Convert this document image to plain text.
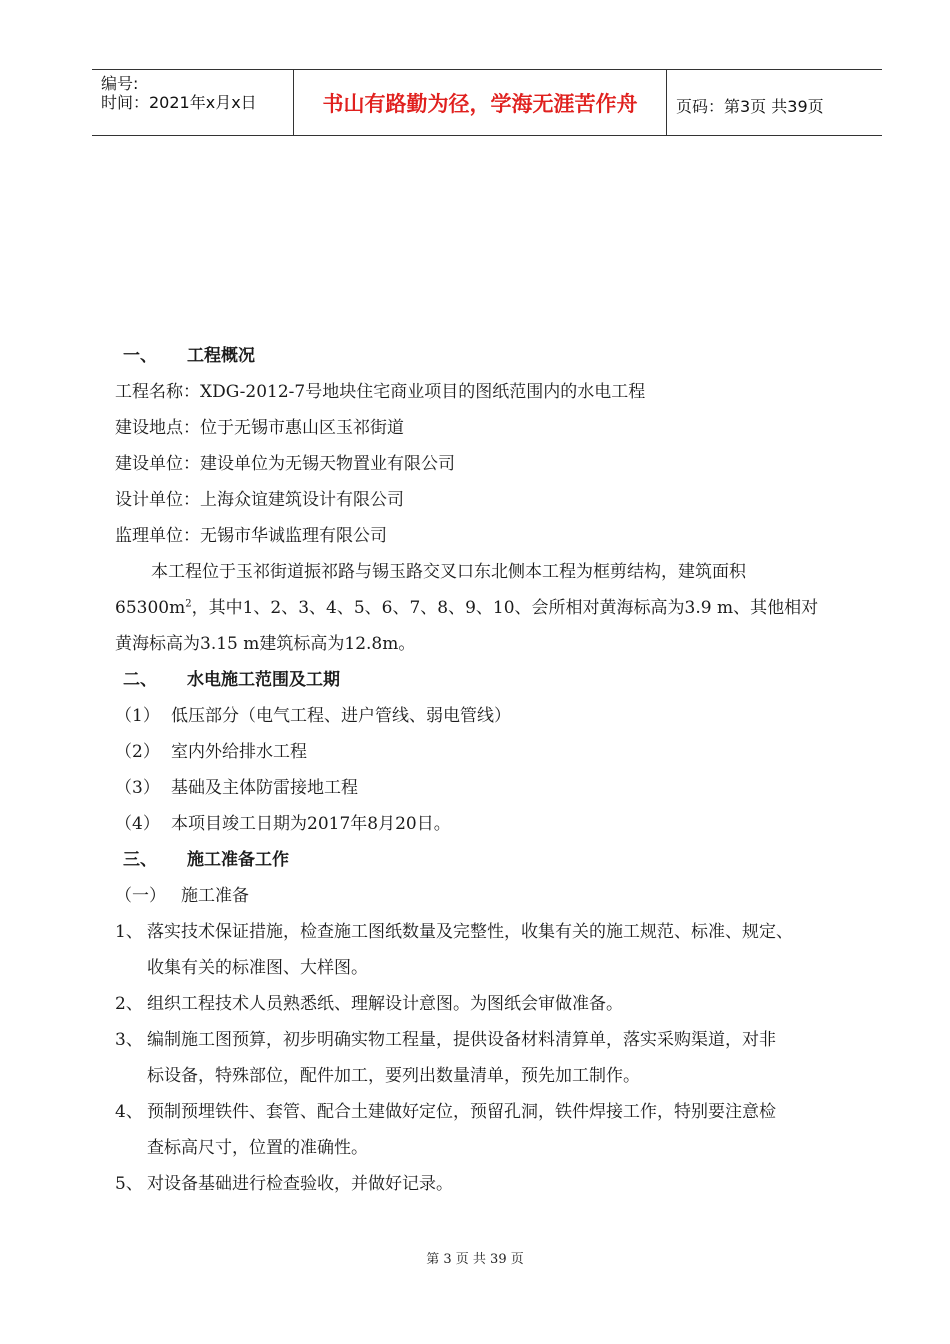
编号:
时间：2021年x月x日	书山有路勤为径，学海无涯苦作舟	页码：第3页 共39页
一、 工程概况
工程名称：XDG-2012-7号地块住宅商业项目的图纸范围内的水电工程
建设地点：位于无锡市惠山区玉祁街道
建设单位：建设单位为无锡天物置业有限公司
设计单位：上海众谊建筑设计有限公司
监理单位：无锡市华诚监理有限公司
本工程位于玉祁街道振祁路与锡玉路交叉口东北侧本工程为框剪结构，建筑面积
$65300m^2$，其中1、2、3、4、5、6、7、8、9、10、会所相对黄海标高为3.9 m、其他相对
黄海标高为3.15 m建筑标高为12.8m。
二、 水电施工范围及工期
（1） 低压部分（电气工程、进户管线、弱电管线）
（2） 室内外给排水工程
（3） 基础及主体防雷接地工程
（4） 本项目竣工日期为2017年8月20日。
三、 施工准备工作
（一） 施工准备
1、 落实技术保证措施，检查施工图纸数量及完整性，收集有关的施工规范、标准、规定、
收集有关的标准图、大样图。
2、 组织工程技术人员熟悉纸、理解设计意图。为图纸会审做准备。
3、 编制施工图预算，初步明确实物工程量，提供设备材料清算单，落实采购渠道，对非
标设备，特殊部位，配件加工，要列出数量清单，预先加工制作。
4、 预制预埋铁件、套管、配合土建做好定位，预留孔洞，铁件焊接工作，特别要注意检
查标高尺寸，位置的准确性。
5、 对设备基础进行检查验收，并做好记录。
第 3 页 共 39 页
